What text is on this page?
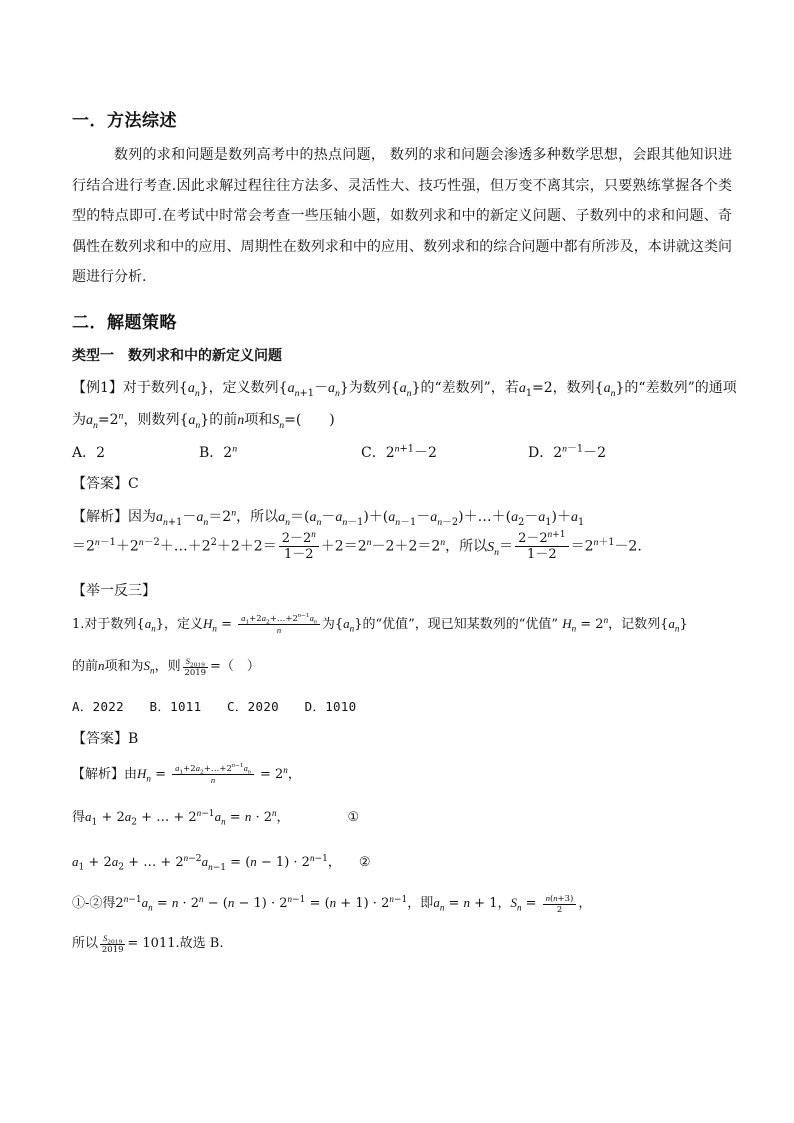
一．方法综述
数列的求和问题是数列高考中的热点问题， 数列的求和问题会渗透多种数学思想，会跟其他知识进行结合进行考查.因此求解过程往往方法多、灵活性大、技巧性强，但万变不离其宗，只要熟练掌握各个类型的特点即可.在考试中时常会考查一些压轴小题，如数列求和中的新定义问题、子数列中的求和问题、奇偶性在数列求和中的应用、周期性在数列求和中的应用、数列求和的综合问题中都有所涉及，本讲就这类问题进行分析.
二．解题策略
类型一　数列求和中的新定义问题
【例1】对于数列$\{a_n\}$，定义数列$\{a_{n+1}-a_n\}$为数列$\{a_n\}$的“差数列”，若$a_1=2$，数列$\{a_n\}$的“差数列”的通项
为$a_n=2^n$，则数列$\{a_n\}$的前n项和$S_n=$(　　)
A．2	B．2$^n$	C．$2^{n+1}-2$	D．$2^{n-1}-2$
【答案】C
【解析】因为$a_{n+1}-a_n=2^n$，所以$a_n=(a_n-a_{n-1})+(a_{n-1}-a_{n-2})+\dots+(a_2-a_1)+a_1$
$=2^{n-1}+2^{n-2}+\dots+2^2+2+2= \frac{2-2^n}{1-2} +2=2^n-2+2=2^n$，所以$S_n= \frac{2-2^{n+1}}{1-2} =2^{n+1}-2$.
【举一反三】
1.对于数列$\{a_n\}$，定义$H_n = \frac{a_1+2a_2+\dots+2^{n-1}a_n}{n}$ 为$\{a_n\}$的“优值”，现已知某数列的“优值” $H_n = 2^n$，记数列$\{a_n\}$
的前n项和为$S_n$，则 $\frac{S_{2019}}{2019}$ =（　）
A．2022　　B．1011　　C．2020　　D．1010
【答案】B
【解析】由$H_n = \frac{a_1+2a_2+\dots+2^{n-1}a_n}{n} = 2^n$，
得$a_1 + 2a_2$ + … + $2^{n-1}a_n = n \cdot 2^n$，	①
$a_1 + 2a_2$ + … + $2^{n-2}a_{n-1} = (n - 1) \cdot 2^{n-1}$， ②
①-②得$2^{n-1}a_n = n \cdot 2^n - (n - 1) \cdot 2^{n-1} = (n + 1) \cdot 2^{n-1}$，即$a_n = n + 1$，$S_n = \frac{n(n+3)}{2}$ ，
所以 $\frac{S_{2019}}{2019} = 1011$.故选 B.
